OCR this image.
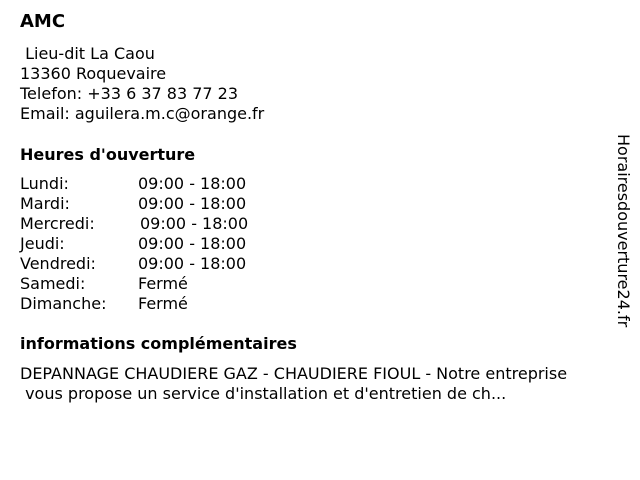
AMC
Lieu-dit La Caou
13360 Roquevaire
Telefon: +33 6 37 83 77 23
Email: aguilera.m.c@orange.fr
Heures d'ouverture
Lundi:	09:00 - 18:00
Mardi:	09:00 - 18:00
Mercredi:	09:00 - 18:00
Jeudi:	09:00 - 18:00
Vendredi:	09:00 - 18:00
Samedi:	Fermé
Dimanche: Fermé
informations complémentaires
DEPANNAGE CHAUDIERE GAZ - CHAUDIERE FIOUL - Notre entreprise
vous propose un service d'installation et d'entretien de ch...
Horairesdouverture24.fr
